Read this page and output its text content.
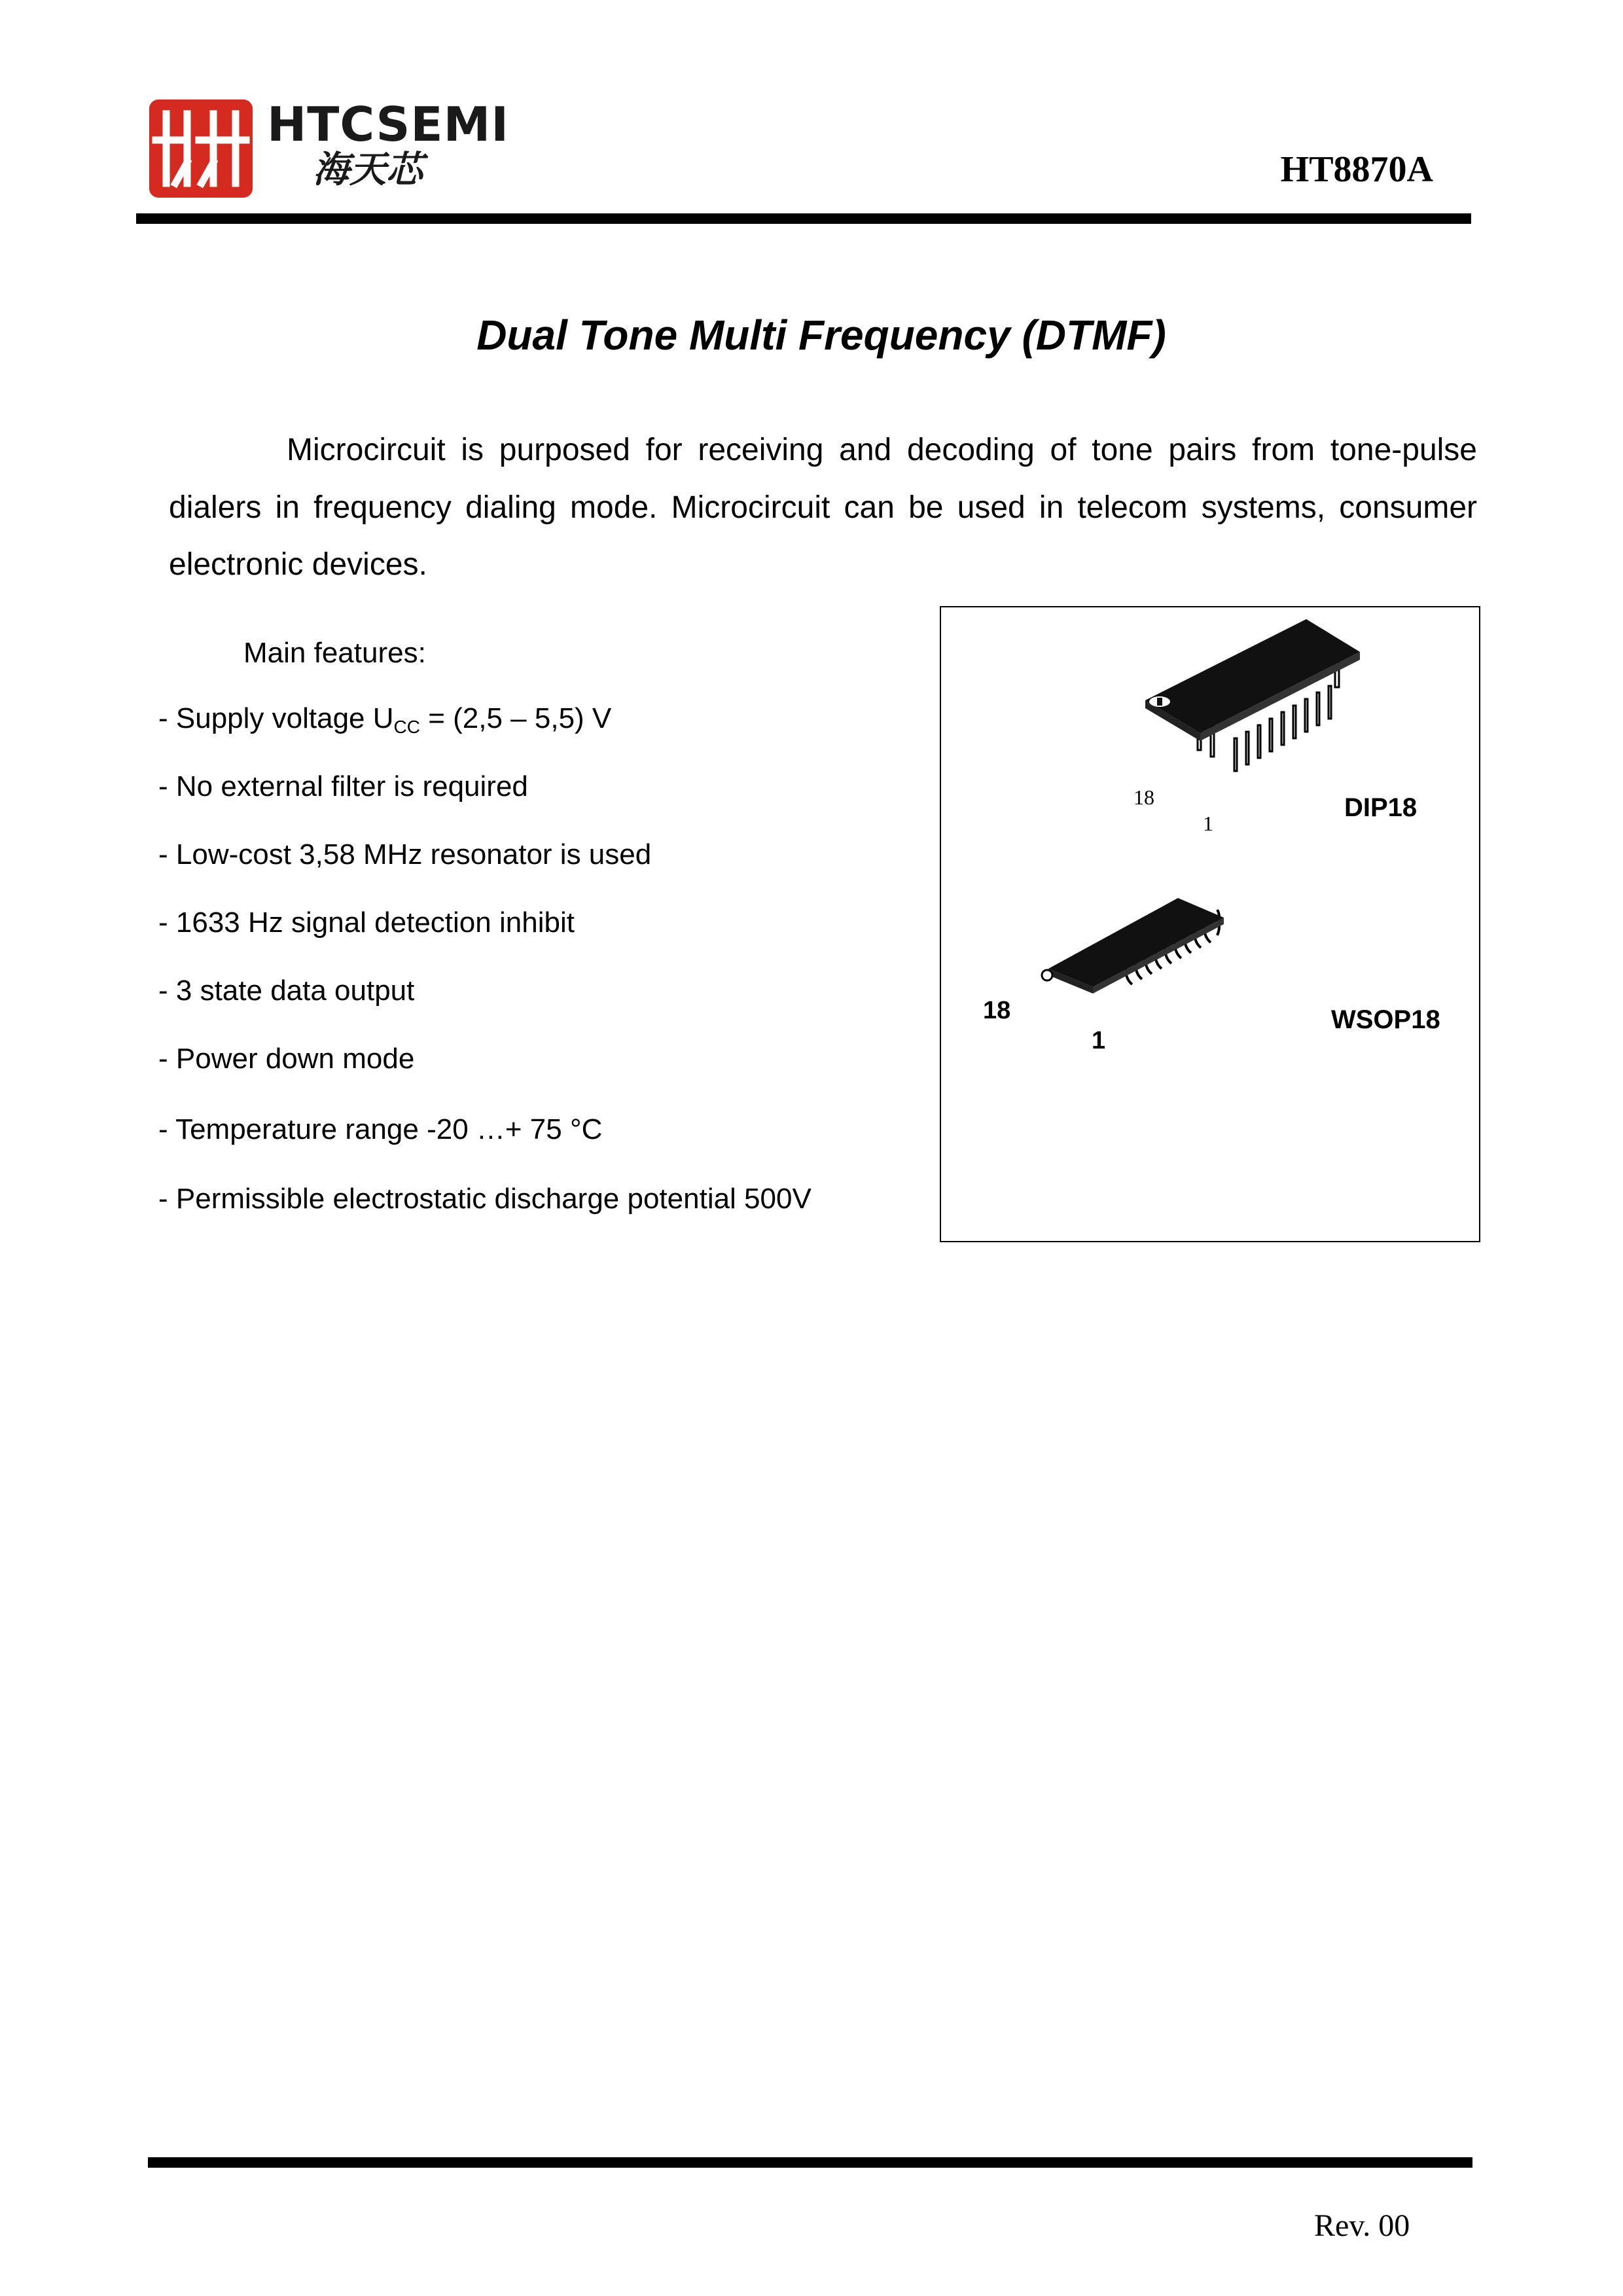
HTCSEMI
海天芯	HT8870A
Dual Tone Multi Frequency (DTMF)
Microcircuit is purposed for receiving and decoding of tone pairs from tone-pulse dialers in frequency dialing mode. Microcircuit can be used in telecom systems, consumer electronic devices.
Main features:
- Supply voltage $U_{CC} = (2,5 - 5,5)$ V
- No external filter is required
- Low-cost 3,58 MHz resonator is used
- 1633 Hz signal detection inhibit
- 3 state data output
- Power down mode
- Temperature range -20 …+ 75 °C
- Permissible electrostatic discharge potential 500V
18
1
DIP18
18
1
WSOP18
Rev. 00
